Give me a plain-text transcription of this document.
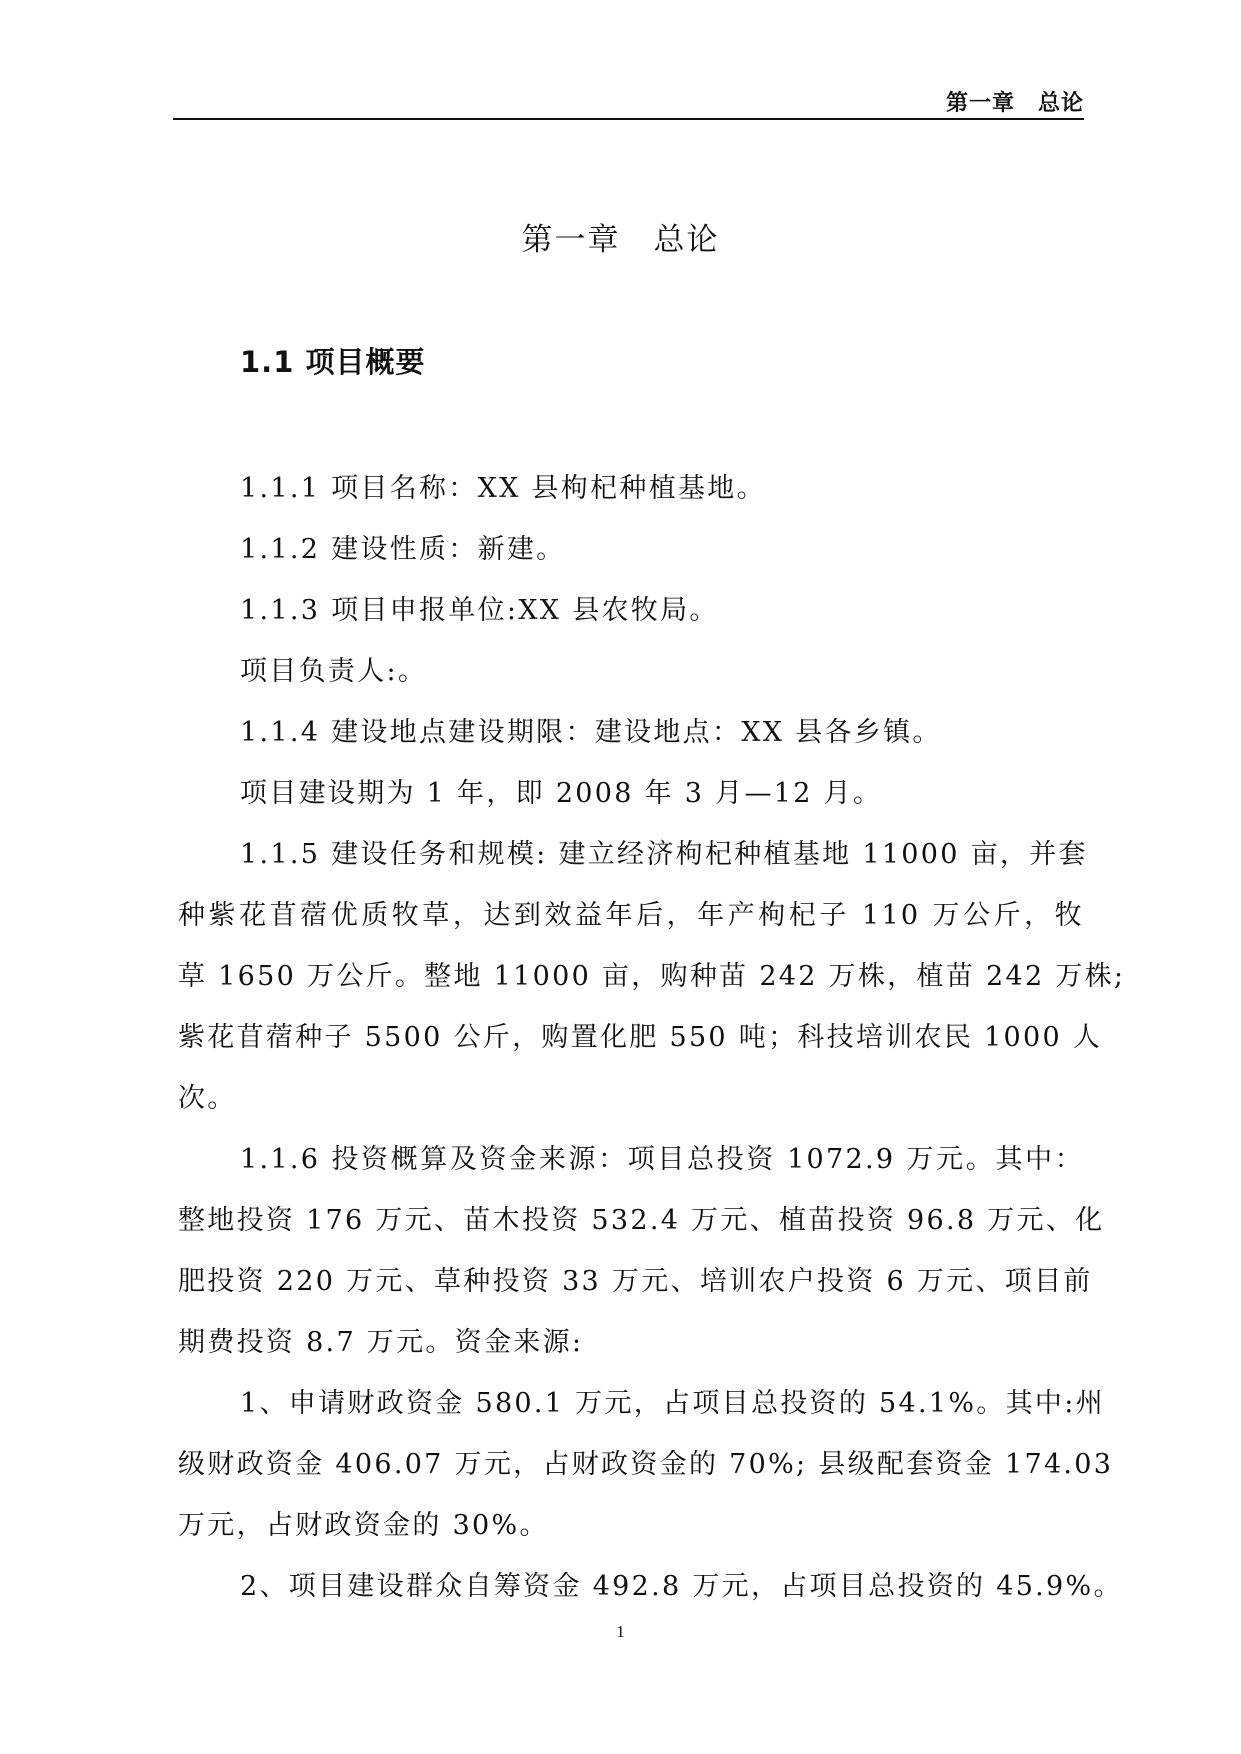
第一章　总论
第一章　总论
1.1 项目概要
1.1.1 项目名称：XX 县枸杞种植基地。
1.1.2 建设性质：新建。
1.1.3 项目申报单位:XX 县农牧局。
项目负责人:。
1.1.4 建设地点建设期限：建设地点：XX 县各乡镇。
项目建设期为 1 年，即 2008 年 3 月—12 月。
1.1.5 建设任务和规模: 建立经济枸杞种植基地 11000 亩，并套
种紫花苜蓿优质牧草，达到效益年后，年产枸杞子 110 万公斤，牧
草 1650 万公斤。整地 11000 亩，购种苗 242 万株，植苗 242 万株;
紫花苜蓿种子 5500 公斤，购置化肥 550 吨；科技培训农民 1000 人
次。
1.1.6 投资概算及资金来源：项目总投资 1072.9 万元。其中：
整地投资 176 万元、苗木投资 532.4 万元、植苗投资 96.8 万元、化
肥投资 220 万元、草种投资 33 万元、培训农户投资 6 万元、项目前
期费投资 8.7 万元。资金来源:
1、申请财政资金 580.1 万元，占项目总投资的 54.1%。其中:州
级财政资金 406.07 万元，占财政资金的 70%; 县级配套资金 174.03
万元，占财政资金的 30%。
2、项目建设群众自筹资金 492.8 万元，占项目总投资的 45.9%。
1
